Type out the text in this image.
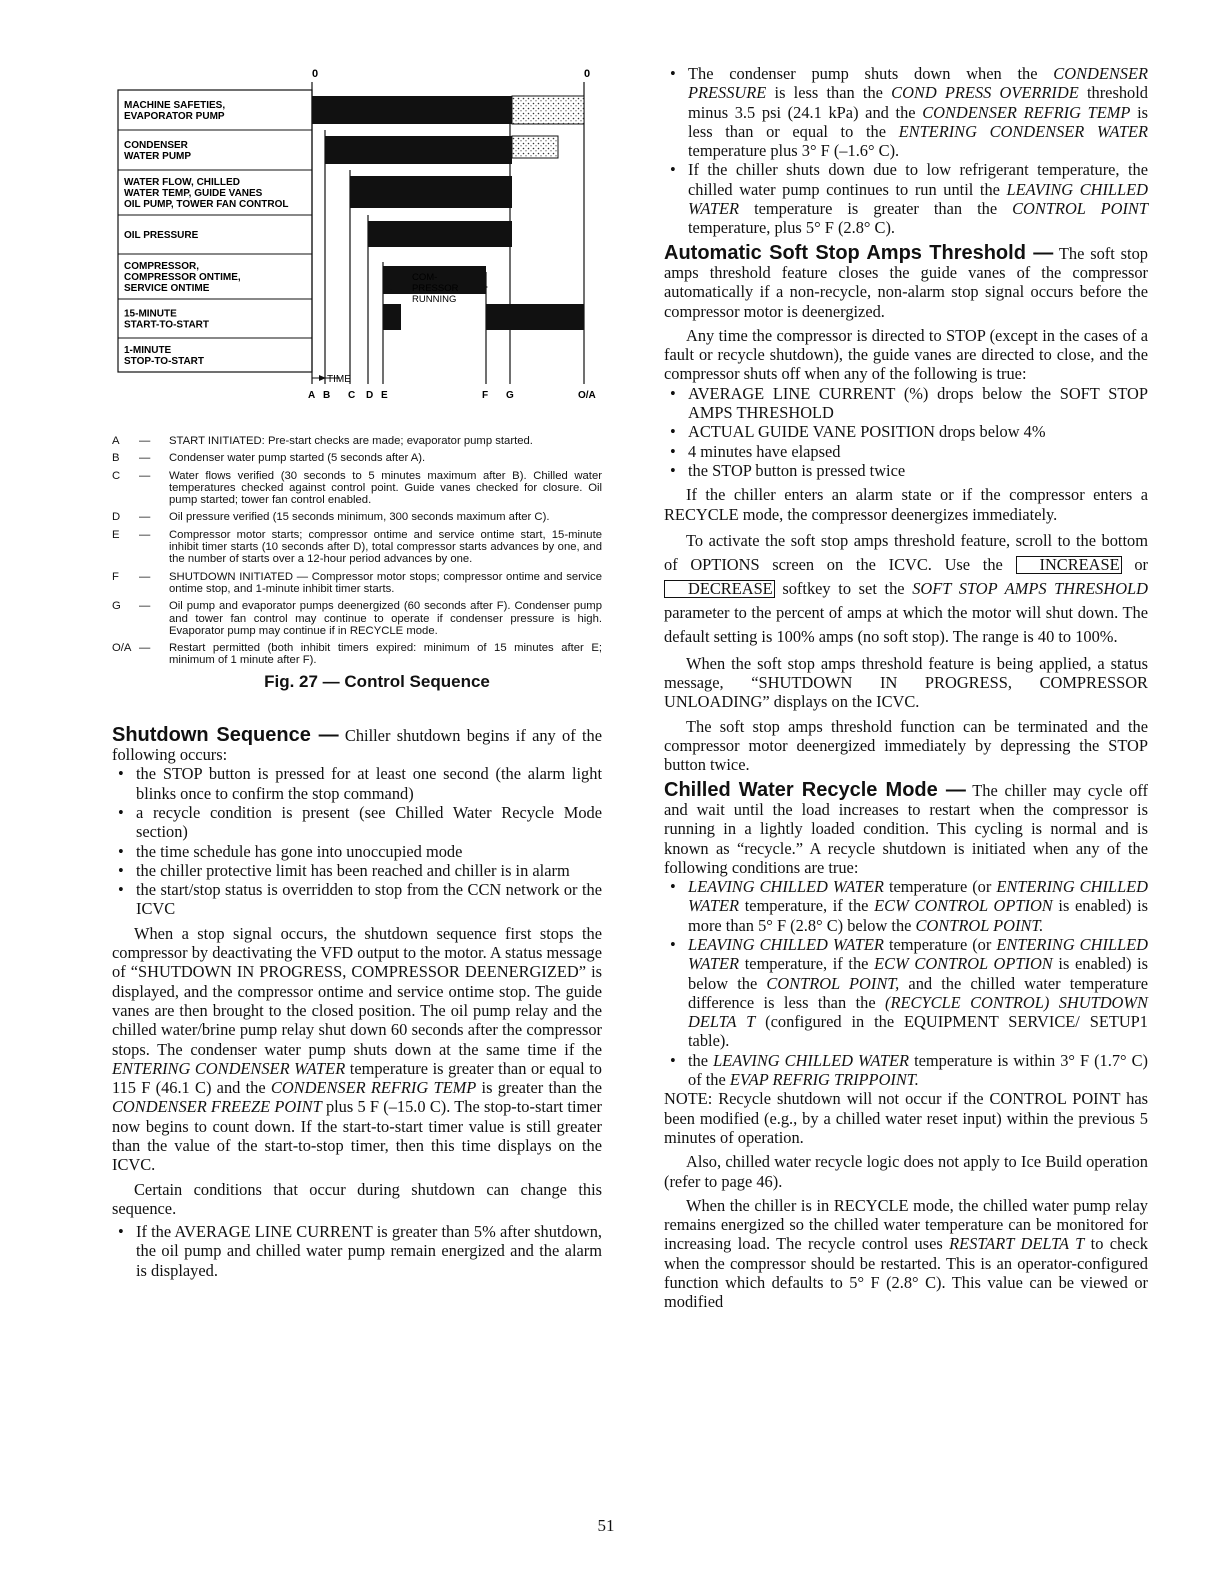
0	0
MACHINE SAFETIES,
EVAPORATOR PUMP
CONDENSER
WATER PUMP
WATER FLOW, CHILLED
WATER TEMP, GUIDE VANES
OIL PUMP, TOWER FAN CONTROL
OIL PRESSURE
COMPRESSOR,
COMPRESSOR ONTIME,
SERVICE ONTIME
15-MINUTE
START-TO-START
1-MINUTE
STOP-TO-START
COM-
PRESSOR
RUNNING
TIME
A B C D E	F G	O/A
A	—	START INITIATED: Pre-start checks are made; evaporator pump started.
B	—	Condenser water pump started (5 seconds after A).
C	—	Water flows verified (30 seconds to 5 minutes maximum after B). Chilled water temperatures checked against control point. Guide vanes checked for closure. Oil pump started; tower fan control enabled.
D	—	Oil pressure verified (15 seconds minimum, 300 seconds maximum after C).
E	—	Compressor motor starts; compressor ontime and service ontime start, 15-minute inhibit timer starts (10 seconds after D), total compressor starts advances by one, and the number of starts over a 12-hour period advances by one.
F	—	SHUTDOWN INITIATED — Compressor motor stops; compressor ontime and service ontime stop, and 1-minute inhibit timer starts.
G	—	Oil pump and evaporator pumps deenergized (60 seconds after F). Condenser pump and tower fan control may continue to operate if condenser pressure is high. Evaporator pump may continue if in RECYCLE mode.
O/A —	Restart permitted (both inhibit timers expired: minimum of 15 minutes after E; minimum of 1 minute after F).
Fig. 27 — Control Sequence

Shutdown Sequence — Chiller shutdown begins if any of the following occurs:

• the STOP button is pressed for at least one second (the alarm light blinks once to confirm the stop command)
• a recycle condition is present (see Chilled Water Recycle Mode section)
• the time schedule has gone into unoccupied mode
• the chiller protective limit has been reached and chiller is in alarm
• the start/stop status is overridden to stop from the CCN network or the ICVC

When a stop signal occurs, the shutdown sequence first stops the compressor by deactivating the VFD output to the motor. A status message of “SHUTDOWN IN PROGRESS, COMPRESSOR DEENERGIZED” is displayed, and the compressor ontime and service ontime stop. The guide vanes are then brought to the closed position. The oil pump relay and the chilled water/brine pump relay shut down 60 seconds after the compressor stops. The condenser water pump shuts down at the same time if the ENTERING CONDENSER WATER temperature is greater than or equal to 115 F (46.1 C) and the CONDENSER REFRIG TEMP is greater than the CONDENSER FREEZE POINT plus 5 F (–15.0 C). The stop-to-start timer now begins to count down. If the start-to-start timer value is still greater than the value of the start-to-stop timer, then this time displays on the ICVC.

Certain conditions that occur during shutdown can change this sequence.

• If the AVERAGE LINE CURRENT is greater than 5% after shutdown, the oil pump and chilled water pump remain energized and the alarm is displayed.
• The condenser pump shuts down when the CONDENSER PRESSURE is less than the COND PRESS OVERRIDE threshold minus 3.5 psi (24.1 kPa) and the CONDENSER REFRIG TEMP is less than or equal to the ENTERING CONDENSER WATER temperature plus 3° F (–1.6° C).
• If the chiller shuts down due to low refrigerant temperature, the chilled water pump continues to run until the LEAVING CHILLED WATER temperature is greater than the CONTROL POINT temperature, plus 5° F (2.8° C).

Automatic Soft Stop Amps Threshold — The soft stop amps threshold feature closes the guide vanes of the compressor automatically if a non-recycle, non-alarm stop signal occurs before the compressor motor is deenergized.

Any time the compressor is directed to STOP (except in the cases of a fault or recycle shutdown), the guide vanes are directed to close, and the compressor shuts off when any of the following is true:

• AVERAGE LINE CURRENT (%) drops below the SOFT STOP AMPS THRESHOLD
• ACTUAL GUIDE VANE POSITION drops below 4%
• 4 minutes have elapsed
• the STOP button is pressed twice

If the chiller enters an alarm state or if the compressor enters a RECYCLE mode, the compressor deenergizes immediately.

To activate the soft stop amps threshold feature, scroll to the bottom of OPTIONS screen on the ICVC. Use the INCREASE or DECREASE softkey to set the SOFT STOP AMPS THRESHOLD parameter to the percent of amps at which the motor will shut down. The default setting is 100% amps (no soft stop). The range is 40 to 100%.

When the soft stop amps threshold feature is being applied, a status message, “SHUTDOWN IN PROGRESS, COMPRESSOR UNLOADING” displays on the ICVC.

The soft stop amps threshold function can be terminated and the compressor motor deenergized immediately by depressing the STOP button twice.

Chilled Water Recycle Mode — The chiller may cycle off and wait until the load increases to restart when the compressor is running in a lightly loaded condition. This cycling is normal and is known as “recycle.” A recycle shutdown is initiated when any of the following conditions are true:

• LEAVING CHILLED WATER temperature (or ENTERING CHILLED WATER temperature, if the ECW CONTROL OPTION is enabled) is more than 5° F (2.8° C) below the CONTROL POINT.
• LEAVING CHILLED WATER temperature (or ENTERING CHILLED WATER temperature, if the ECW CONTROL OPTION is enabled) is below the CONTROL POINT, and the chilled water temperature difference is less than the (RECYCLE CONTROL) SHUTDOWN DELTA T (configured in the EQUIPMENT SERVICE/ SETUP1 table).
• the LEAVING CHILLED WATER temperature is within 3° F (1.7° C) of the EVAP REFRIG TRIPPOINT.

NOTE: Recycle shutdown will not occur if the CONTROL POINT has been modified (e.g., by a chilled water reset input) within the previous 5 minutes of operation.

Also, chilled water recycle logic does not apply to Ice Build operation (refer to page 46).

When the chiller is in RECYCLE mode, the chilled water pump relay remains energized so the chilled water temperature can be monitored for increasing load. The recycle control uses RESTART DELTA T to check when the compressor should be restarted. This is an operator-configured function which defaults to 5° F (2.8° C). This value can be viewed or modified

51
